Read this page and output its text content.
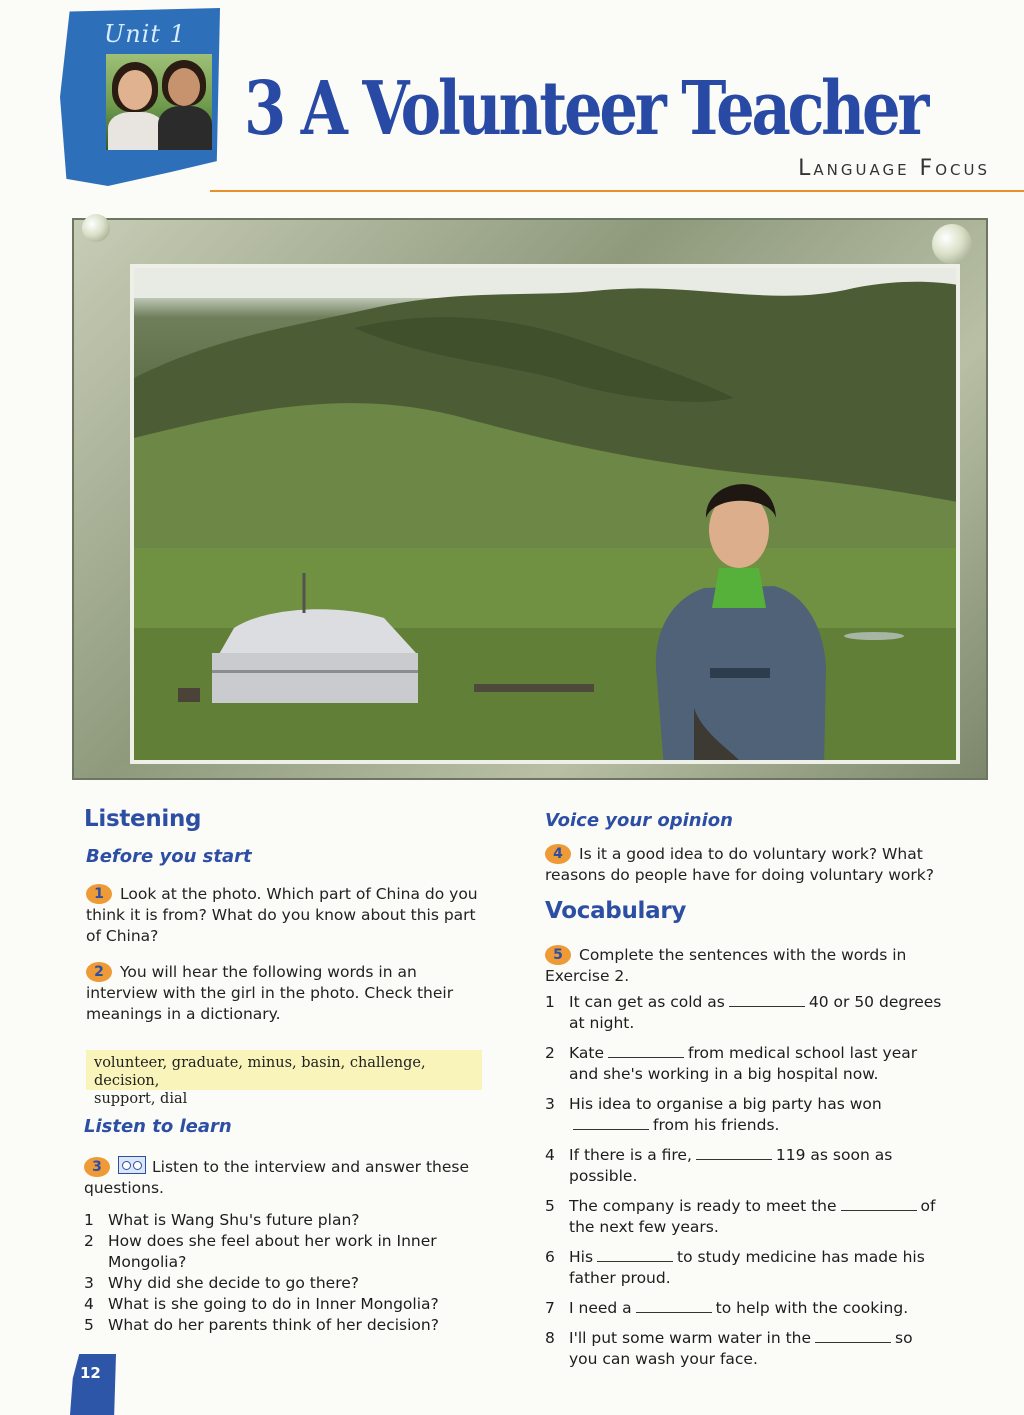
Unit 1
3 A Volunteer Teacher
Language Focus
Listening
Before you start
1 Look at the photo. Which part of China do you think it is from? What do you know about this part of China?
2 You will hear the following words in an interview with the girl in the photo. Check their meanings in a dictionary.
volunteer, graduate, minus, basin, challenge, decision,
support, dial
Listen to learn
3	Listen to the interview and answer these questions.
1 What is Wang Shu's future plan?
2 How does she feel about her work in Inner Mongolia?
3 Why did she decide to go there?
4 What is she going to do in Inner Mongolia?
5 What do her parents think of her decision?
Voice your opinion
4 Is it a good idea to do voluntary work? What reasons do people have for doing voluntary work?
Vocabulary
5 Complete the sentences with the words in Exercise 2.
1 It can get as cold as	40 or 50 degrees at night.
2 Kate	from medical school last year and she's working in a big hospital now.
3 His idea to organise a big party has wonfrom his friends.
4 If there is a fire,	119 as soon as possible.
5 The company is ready to meet the	of the next few years.
6 His	to study medicine has made his father proud.
7 I need a	to help with the cooking.
8 I'll put some warm water in the	so you can wash your face.
12
